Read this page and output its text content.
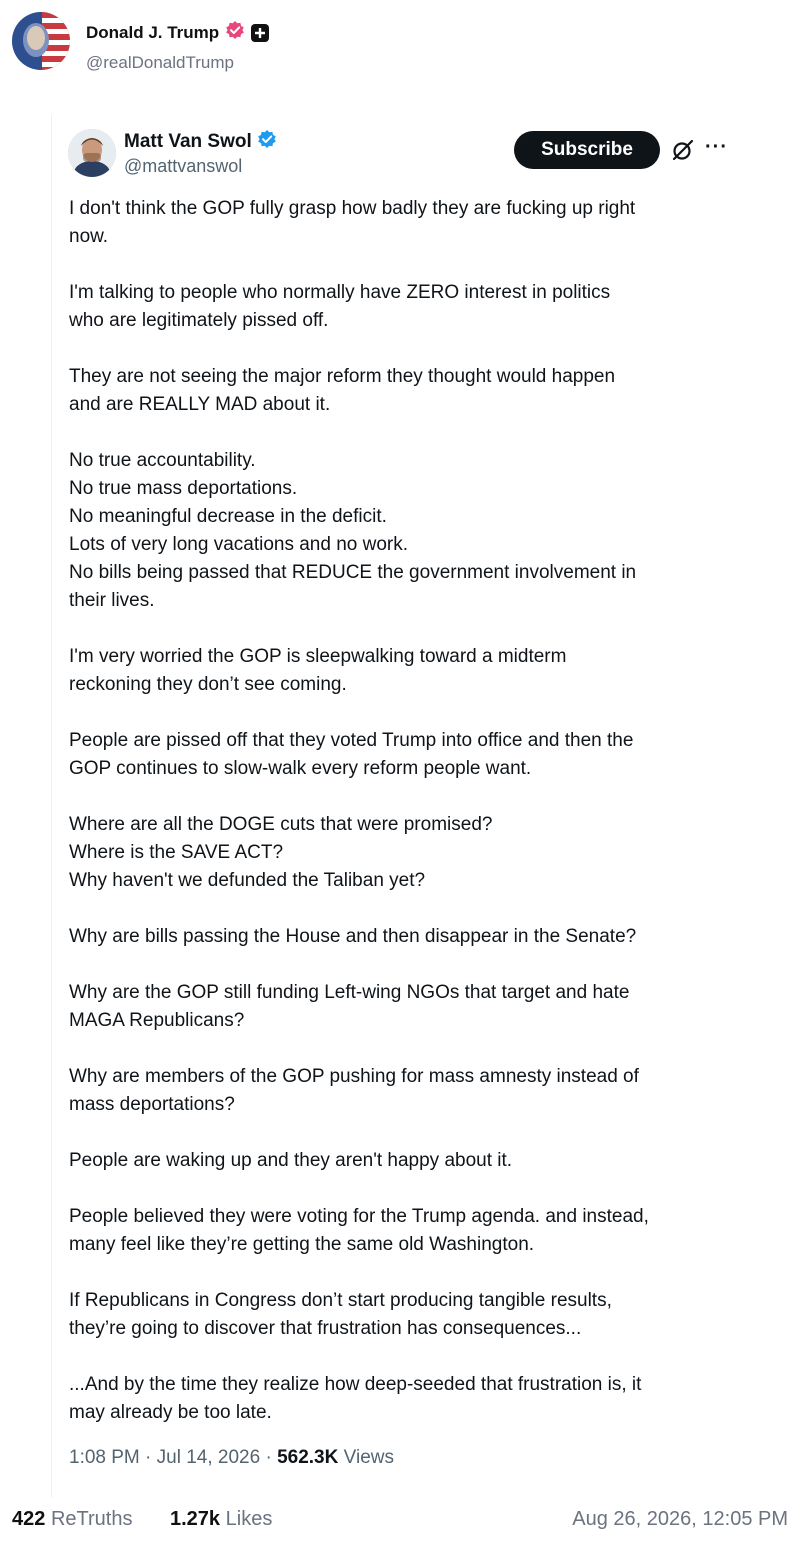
Donald J. Trump
@realDonaldTrump
Matt Van Swol
@mattvanswol
Subscribe	···
I don't think the GOP fully grasp how badly they are fucking up right
now.
I'm talking to people who normally have ZERO interest in politics
who are legitimately pissed off.
They are not seeing the major reform they thought would happen
and are REALLY MAD about it.
No true accountability.
No true mass deportations.
No meaningful decrease in the deficit.
Lots of very long vacations and no work.
No bills being passed that REDUCE the government involvement in
their lives.
I'm very worried the GOP is sleepwalking toward a midterm
reckoning they don’t see coming.
People are pissed off that they voted Trump into office and then the
GOP continues to slow-walk every reform people want.
Where are all the DOGE cuts that were promised?
Where is the SAVE ACT?
Why haven't we defunded the Taliban yet?
Why are bills passing the House and then disappear in the Senate?
Why are the GOP still funding Left-wing NGOs that target and hate
MAGA Republicans?
Why are members of the GOP pushing for mass amnesty instead of
mass deportations?
People are waking up and they aren't happy about it.
People believed they were voting for the Trump agenda. and instead,
many feel like they’re getting the same old Washington.
If Republicans in Congress don’t start producing tangible results,
they’re going to discover that frustration has consequences...
...And by the time they realize how deep-seeded that frustration is, it
may already be too late.
1:08 PM · Jul 14, 2026 · 562.3K Views
422 ReTruths 1.27k Likes	Aug 26, 2026, 12:05 PM
